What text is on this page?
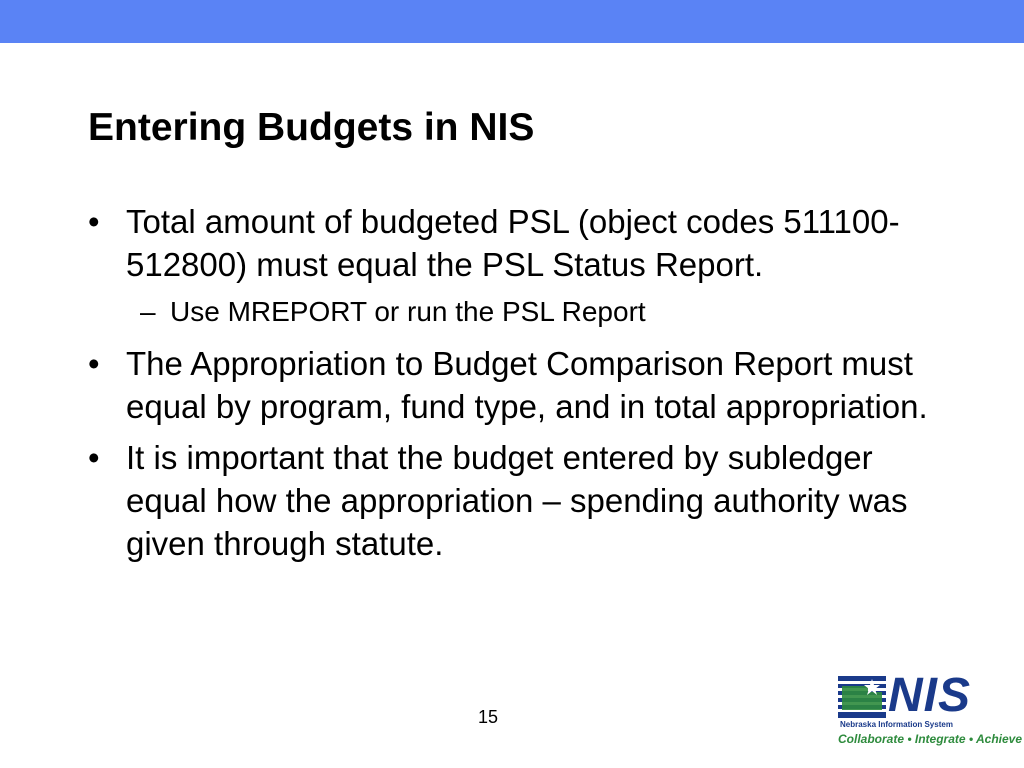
Entering Budgets in NIS
• Total amount of budgeted PSL (object codes 511100-512800) must equal the PSL Status Report.
– Use MREPORT or run the PSL Report
• The Appropriation to Budget Comparison Report must equal by program, fund type, and in total appropriation.
• It is important that the budget entered by subledger equal how the appropriation – spending authority was given through statute.
15	NIS
Nebraska Information System
Collaborate • Integrate • Achieve
